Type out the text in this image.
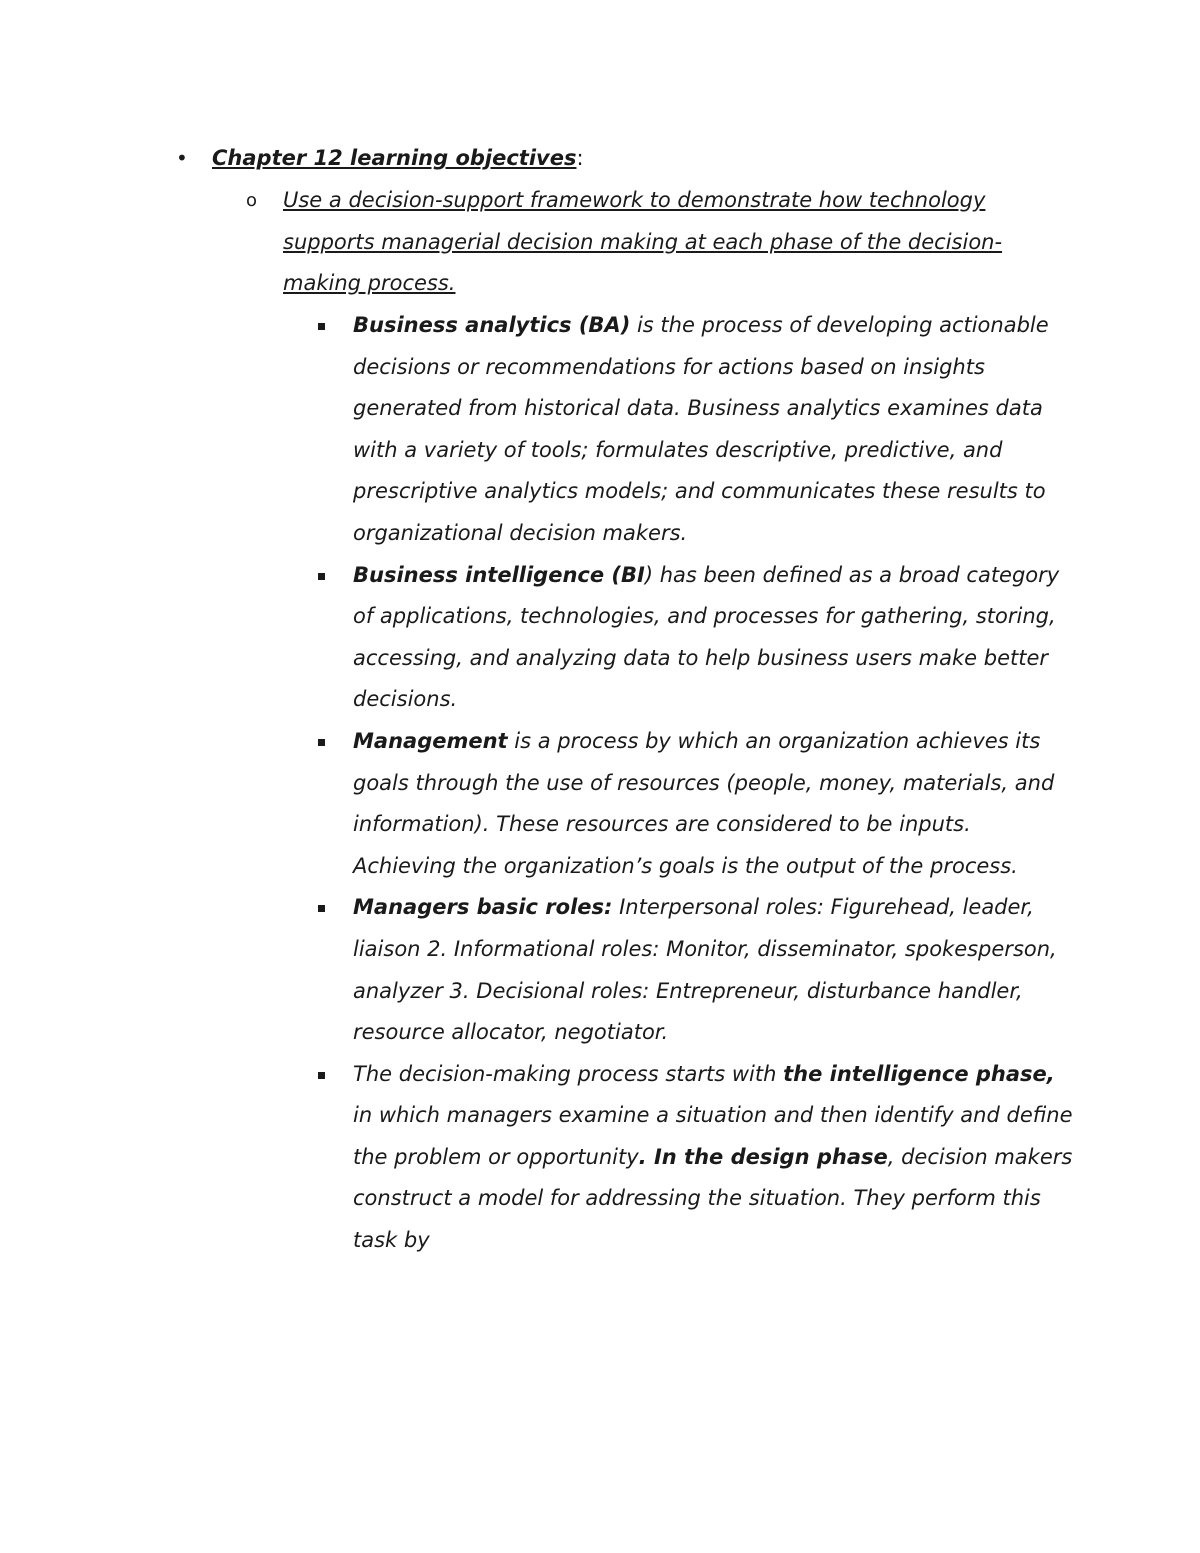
• Chapter 12 learning objectives:
o Use a decision-support framework to demonstrate how technology supports managerial decision making at each phase of the decision-making process.
Business analytics (BA) is the process of developing actionable decisions or recommendations for actions based on insights generated from historical data. Business analytics examines data with a variety of tools; formulates descriptive, predictive, and prescriptive analytics models; and communicates these results to organizational decision makers.
Business intelligence (BI) has been defined as a broad category of applications, technologies, and processes for gathering, storing, accessing, and analyzing data to help business users make better decisions.
Management is a process by which an organization achieves its goals through the use of resources (people, money, materials, and information). These resources are considered to be inputs. Achieving the organization’s goals is the output of the process.
Managers basic roles: Interpersonal roles: Figurehead, leader, liaison 2. Informational roles: Monitor, disseminator, spokesperson, analyzer 3. Decisional roles: Entrepreneur, disturbance handler, resource allocator, negotiator.
The decision-making process starts with the intelligence phase, in which managers examine a situation and then identify and define the problem or opportunity. In the design phase, decision makers construct a model for addressing the situation. They perform this task by
